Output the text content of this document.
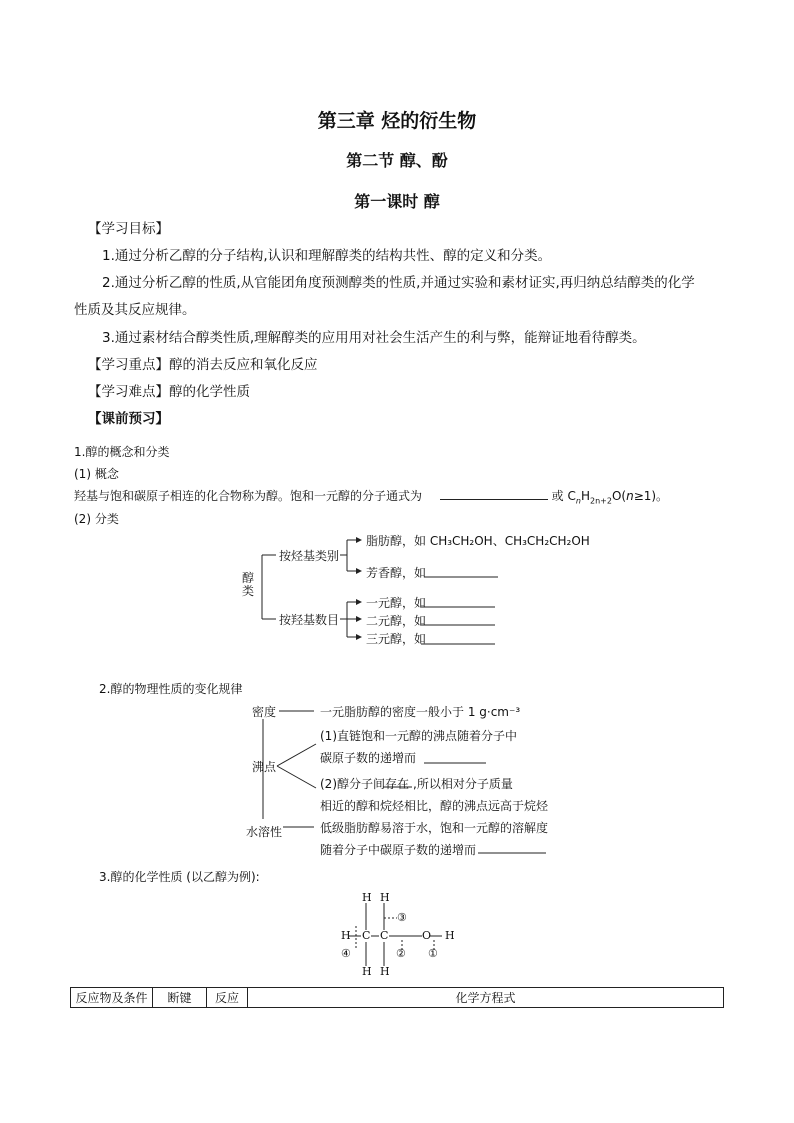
第三章 烃的衍生物
第二节 醇、酚
第一课时 醇
【学习目标】
1.通过分析乙醇的分子结构,认识和理解醇类的结构共性、醇的定义和分类。
2.通过分析乙醇的性质,从官能团角度预测醇类的性质,并通过实验和素材证实,再归纳总结醇类的化学
性质及其反应规律。
3.通过素材结合醇类性质,理解醇类的应用用对社会生活产生的利与弊，能辩证地看待醇类。
【学习重点】醇的消去反应和氧化反应
【学习难点】醇的化学性质
【课前预习】
1.醇的概念和分类
(1) 概念
羟基与饱和碳原子相连的化合物称为醇。饱和一元醇的分子通式为	或 $C_nH_{2n+2}O(n\ge 1)$。
(2) 分类
醇类
按烃基类别
脂肪醇，如 CH₃CH₂OH、CH₃CH₂CH₂OH
芳香醇，如
按羟基数目
一元醇，如
二元醇，如
三元醇，如
2.醇的物理性质的变化规律
密度	一元脂肪醇的密度一般小于 1 g·cm⁻³
沸点
(1)直链饱和一元醇的沸点随着分子中
碳原子数的递增而
(2)醇分子间存在 ,所以相对分子质量
相近的醇和烷烃相比，醇的沸点远高于烷烃
水溶性	低级脂肪醇易溶于水，饱和一元醇的溶解度
随着分子中碳原子数的递增而
3.醇的化学性质 (以乙醇为例):
H H
H C C	O H
H H
③
④	② ①
反应物及条件	断键	反应	化学方程式
